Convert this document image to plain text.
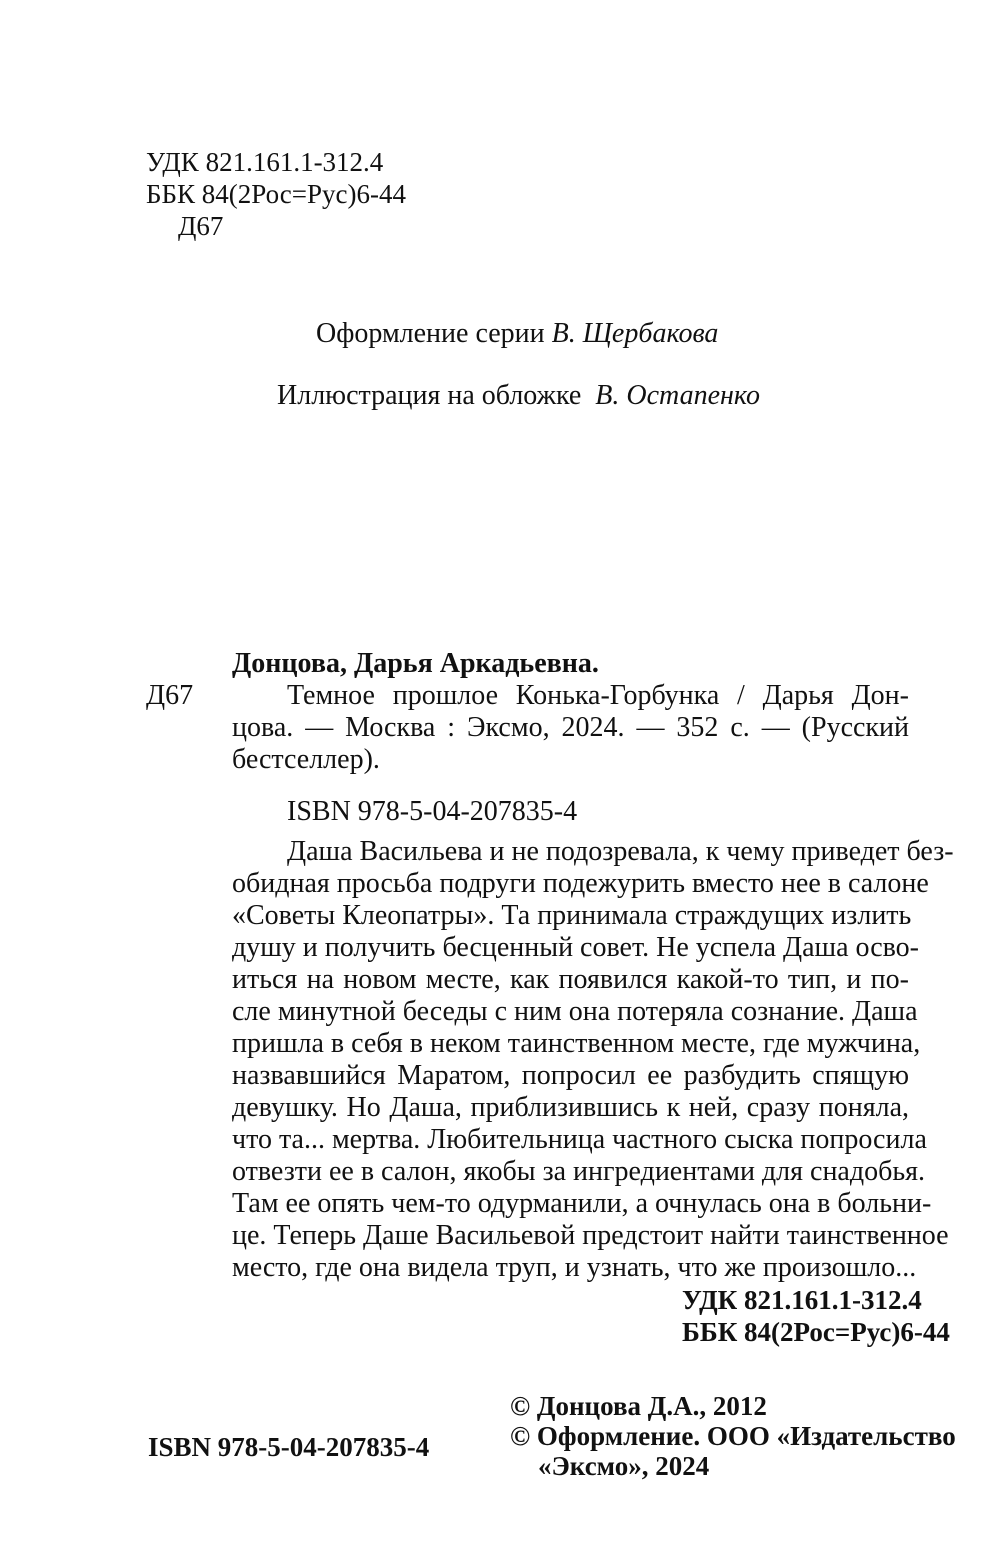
УДК 821.161.1-312.4
ББК 84(2Рос=Рус)6-44
Д67
Оформление серии В. Щербакова
Иллюстрация на обложке В. Остапенко
Донцова, Дарья Аркадьевна.
Д67	Темное прошлое Конька-Горбунка / Дарья Дон-
цова. — Москва : Эксмо, 2024. — 352 с. — (Русский
бестселлер).
ISBN 978-5-04-207835-4
Даша Васильева и не подозревала, к чему приведет без-
обидная просьба подруги подежурить вместо нее в салоне
«Советы Клеопатры». Та принимала страждущих излить
душу и получить бесценный совет. Не успела Даша осво-
иться на новом месте, как появился какой-то тип, и по-
сле минутной беседы с ним она потеряла сознание. Даша
пришла в себя в неком таинственном месте, где мужчина,
назвавшийся Маратом, попросил ее разбудить спящую
девушку. Но Даша, приблизившись к ней, сразу поняла,
что та... мертва. Любительница частного сыска попросила
отвезти ее в салон, якобы за ингредиентами для снадобья.
Там ее опять чем-то одурманили, а очнулась она в больни-
це. Теперь Даше Васильевой предстоит найти таинственное
место, где она видела труп, и узнать, что же произошло...
УДК 821.161.1-312.4
ББК 84(2Рос=Рус)6-44
© Донцова Д.А., 2012
© Оформление. ООО «Издательство
ISBN 978-5-04-207835-4
«Эксмо», 2024
